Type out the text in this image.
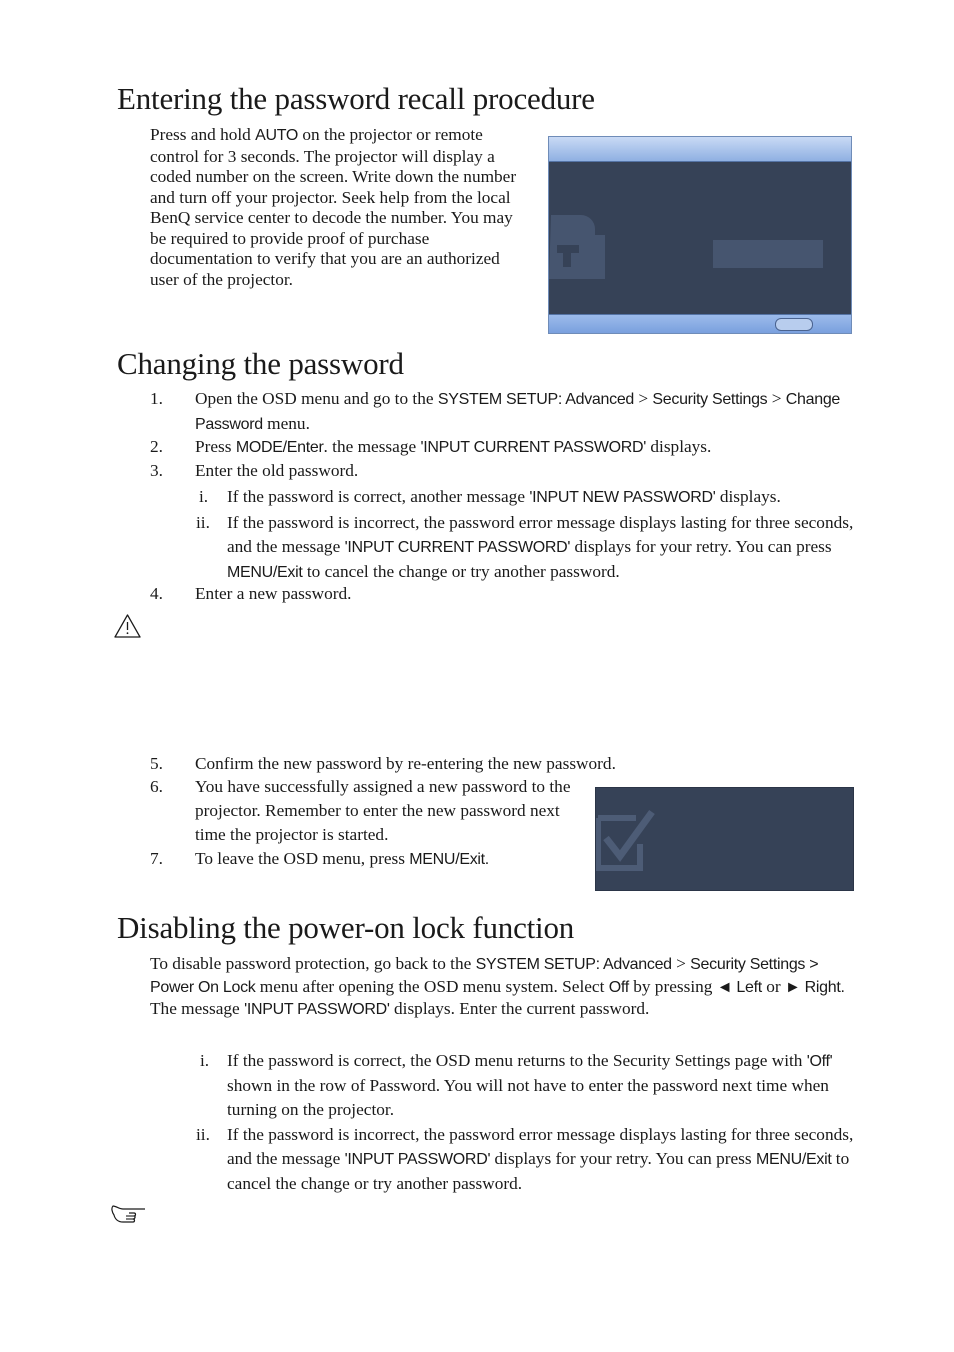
Entering the password recall procedure
Press and hold AUTO on the projector or remote control for 3 seconds. The projector will display a coded number on the screen. Write down the number and turn off your projector. Seek help from the local BenQ service center to decode the number. You may be required to provide proof of purchase documentation to verify that you are an authorized user of the projector.
Changing the password
1. Open the OSD menu and go to the SYSTEM SETUP: Advanced > Security Settings > Change Password menu.
2. Press MODE/Enter. the message 'INPUT CURRENT PASSWORD' displays.
3. Enter the old password.
i. If the password is correct, another message 'INPUT NEW PASSWORD' displays.
ii. If the password is incorrect, the password error message displays lasting for three seconds, and the message 'INPUT CURRENT PASSWORD' displays for your retry. You can press MENU/Exit to cancel the change or try another password.
4. Enter a new password.
5. Confirm the new password by re-entering the new password.
6. You have successfully assigned a new password to the projector. Remember to enter the new password next time the projector is started.
7. To leave the OSD menu, press MENU/Exit.
Disabling the power-on lock function
To disable password protection, go back to the SYSTEM SETUP: Advanced > Security Settings > Power On Lock menu after opening the OSD menu system. Select Off by pressing ◄ Left or ► Right. The message 'INPUT PASSWORD' displays. Enter the current password.
i. If the password is correct, the OSD menu returns to the Security Settings page with 'Off' shown in the row of Password. You will not have to enter the password next time when turning on the projector.
ii. If the password is incorrect, the password error message displays lasting for three seconds, and the message 'INPUT PASSWORD' displays for your retry. You can press MENU/Exit to cancel the change or try another password.
